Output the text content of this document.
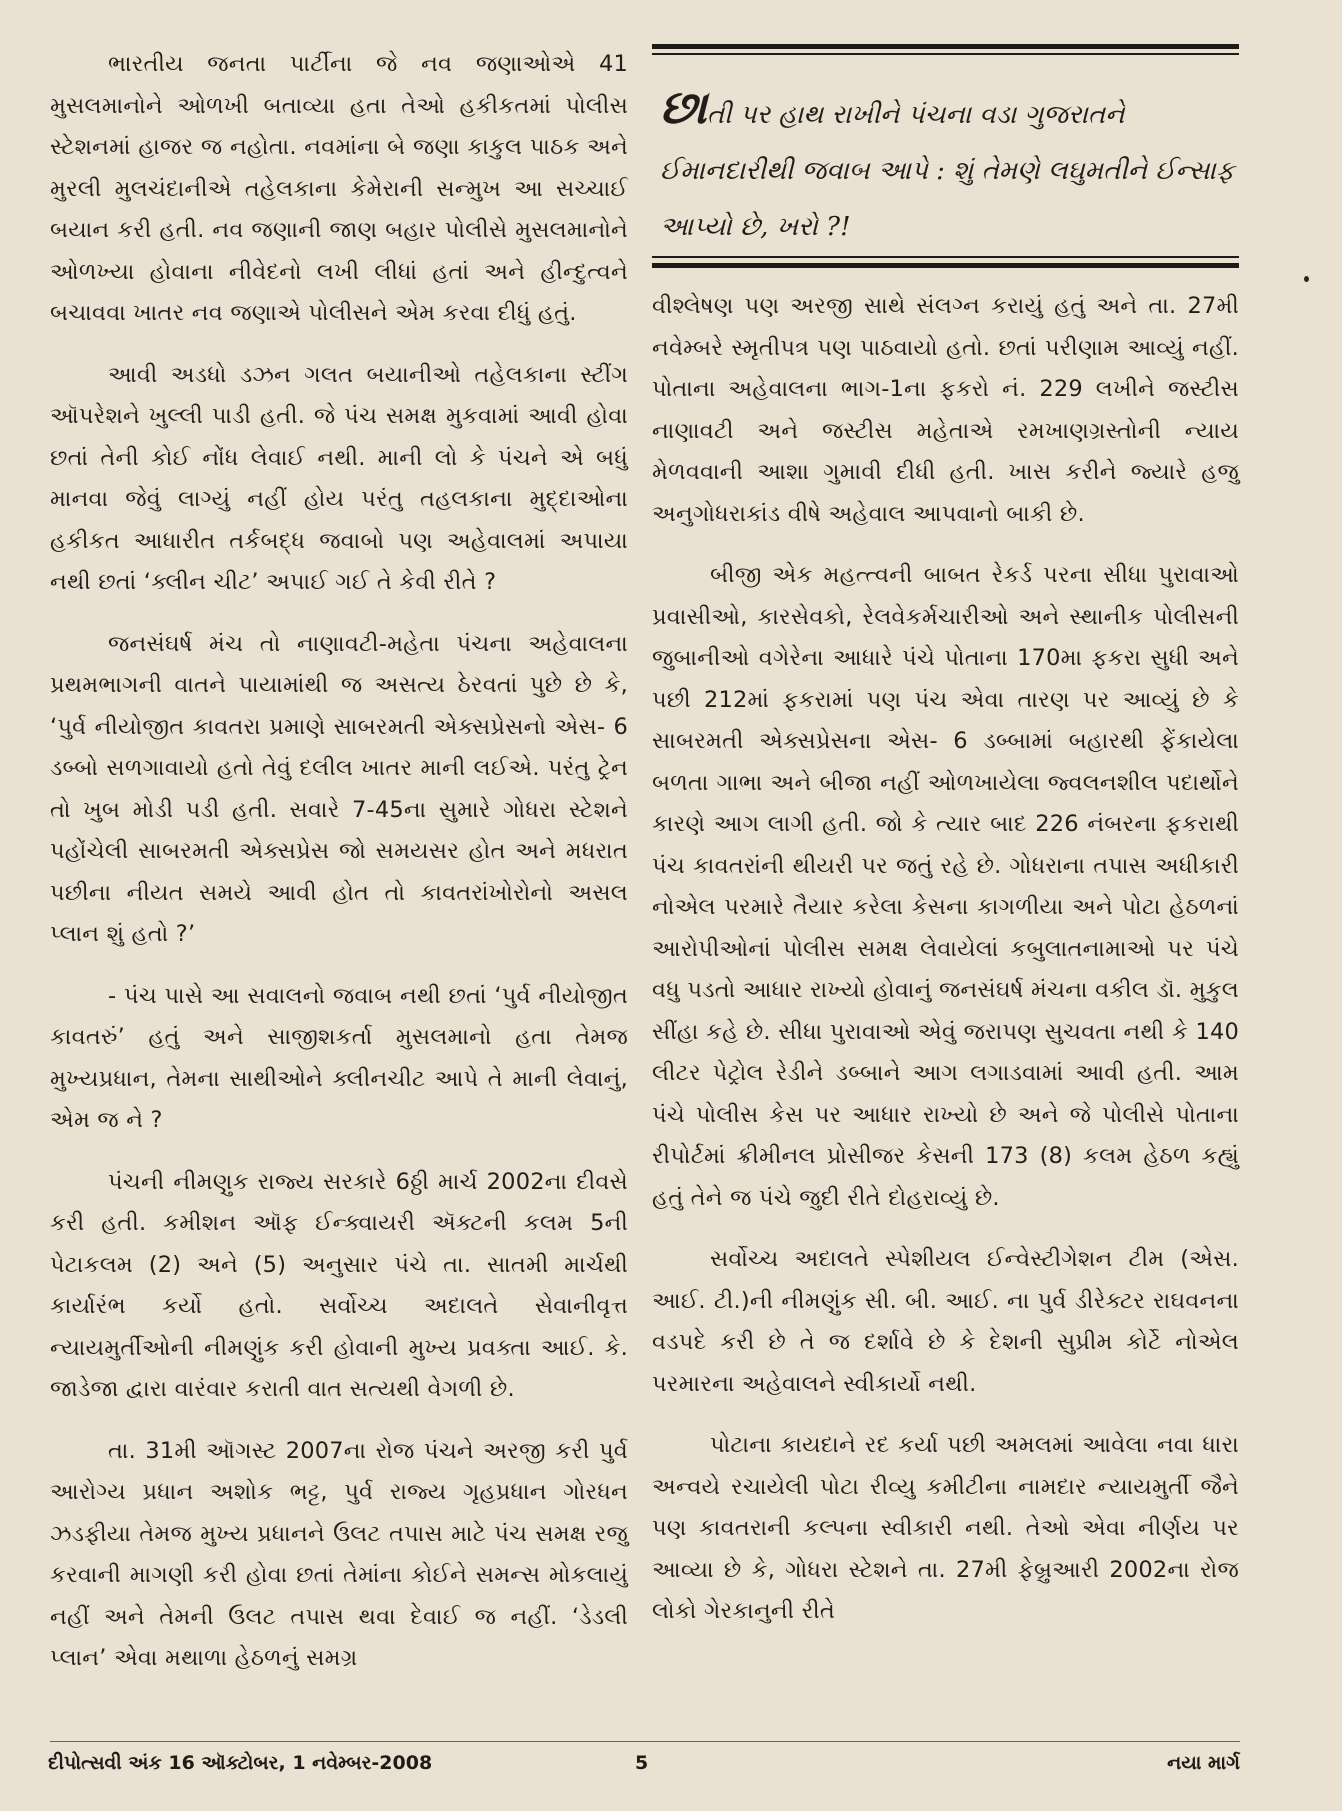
ભારતીય જનતા પાર્ટીના જે નવ જણાઓએ 41 મુસલમાનોને ઓળખી બતાવ્યા હતા તેઓ હકીકતમાં પોલીસ સ્ટેશનમાં હાજર જ નહોતા. નવમાંના બે જણા કાકુલ પાઠક અને મુરલી મુલચંદાનીએ તહેલકાના કેમેરાની સન્મુખ આ સચ્ચાઈ બયાન કરી હતી. નવ જણાની જાણ બહાર પોલીસે મુસલમાનોને ઓળખ્યા હોવાના નીવેદનો લખી લીધાં હતાં અને હીન્દુત્વને બચાવવા ખાતર નવ જણાએ પોલીસને એમ કરવા દીધું હતું.

આવી અડધો ડઝન ગલત બયાનીઓ તહેલકાના સ્ટીંગ ઑપરેશને ખુલ્લી પાડી હતી. જે પંચ સમક્ષ મુકવામાં આવી હોવા છતાં તેની કોઈ નોંધ લેવાઈ નથી. માની લો કે પંચને એ બધું માનવા જેવું લાગ્યું નહીં હોય પરંતુ તહલકાના મુદ્દાઓના હકીકત આધારીત તર્કબદ્ધ જવાબો પણ અહેવાલમાં અપાયા નથી છતાં ‘ક્લીન ચીટ’ અપાઈ ગઈ તે કેવી રીતે ?

જનસંઘર્ષ મંચ તો નાણાવટી-મહેતા પંચના અહેવાલના પ્રથમભાગની વાતને પાયામાંથી જ અસત્ય ઠેરવતાં પુછે છે કે, ‘પુર્વ નીયોજીત કાવતરા પ્રમાણે સાબરમતી એક્સપ્રેસનો એસ- 6 ડબ્બો સળગાવાયો હતો તેવું દલીલ ખાતર માની લઈએ. પરંતુ ટ્રેન તો ખુબ મોડી પડી હતી. સવારે 7-45ના સુમારે ગોધરા સ્ટેશને પહોંચેલી સાબરમતી એક્સપ્રેસ જો સમયસર હોત અને મધરાત પછીના નીયત સમયે આવી હોત તો કાવતરાંખોરોનો અસલ પ્લાન શું હતો ?’

- પંચ પાસે આ સવાલનો જવાબ નથી છતાં ‘પુર્વ નીયોજીત કાવતરું’ હતું અને સાજીશકર્તા મુસલમાનો હતા તેમજ મુખ્યપ્રધાન, તેમના સાથીઓને ક્લીનચીટ આપે તે માની લેવાનું, એમ જ ને ?

પંચની નીમણુક રાજ્ય સરકારે 6ઠ્ઠી માર્ચ 2002ના દીવસે કરી હતી. કમીશન ઑફ ઈન્ક્વાયરી ઍક્ટની કલમ 5ની પેટાકલમ (2) અને (5) અનુસાર પંચે તા. સાતમી માર્ચથી કાર્યારંભ કર્યો હતો. સર્વોચ્ચ અદાલતે સેવાનીવૃત્ત ન્યાયમુર્તીઓની નીમણુંક કરી હોવાની મુખ્ય પ્રવક્તા આઈ. કે. જાડેજા દ્વારા વારંવાર કરાતી વાત સત્યથી વેગળી છે.

તા. 31મી ઑગસ્ટ 2007ના રોજ પંચને અરજી કરી પુર્વ આરોગ્ય પ્રધાન અશોક ભટ્ટ, પુર્વ રાજ્ય ગૃહપ્રધાન ગોરધન ઝડફીયા તેમજ મુખ્ય પ્રધાનને ઉલટ તપાસ માટે પંચ સમક્ષ રજુ કરવાની માગણી કરી હોવા છતાં તેમાંના કોઈને સમન્સ મોકલાયું નહીં અને તેમની ઉલટ તપાસ થવા દેવાઈ જ નહીં. ‘ડેડલી પ્લાન’ એવા મથાળા હેઠળનું સમગ્ર

છાતી પર હાથ રાખીને પંચના વડા ગુજરાતને ઈમાનદારીથી જવાબ આપે : શું તેમણે લઘુમતીને ઈન્સાફ આપ્યો છે, ખરો ?!

વીશ્લેષણ પણ અરજી સાથે સંલગ્ન કરાયું હતું અને તા. 27મી નવેમ્બરે સ્મૃતીપત્ર પણ પાઠવાયો હતો. છતાં પરીણામ આવ્યું નહીં. પોતાના અહેવાલના ભાગ-1ના ફકરો નં. 229 લખીને જસ્ટીસ નાણાવટી અને જસ્ટીસ મહેતાએ રમખાણગ્રસ્તોની ન્યાય મેળવવાની આશા ગુમાવી દીધી હતી. ખાસ કરીને જ્યારે હજુ અનુગોધરાકાંડ વીષે અહેવાલ આપવાનો બાકી છે.

બીજી એક મહત્ત્વની બાબત રેકર્ડ પરના સીધા પુરાવાઓ પ્રવાસીઓ, કારસેવકો, રેલવેકર્મચારીઓ અને સ્થાનીક પોલીસની જુબાનીઓ વગેરેના આધારે પંચે પોતાના 170મા ફકરા સુધી અને પછી 212માં ફકરામાં પણ પંચ એવા તારણ પર આવ્યું છે કે સાબરમતી એક્સપ્રેસના એસ- 6 ડબ્બામાં બહારથી ફેંકાયેલા બળતા ગાભા અને બીજા નહીં ઓળખાયેલા જ્વલનશીલ પદાર્થોને કારણે આગ લાગી હતી. જો કે ત્યાર બાદ 226 નંબરના ફકરાથી પંચ કાવતરાંની થીયરી પર જતું રહે છે. ગોધરાના તપાસ અધીકારી નોએલ પરમારે તૈયાર કરેલા કેસના કાગળીયા અને પોટા હેઠળનાં આરોપીઓનાં પોલીસ સમક્ષ લેવાયેલાં કબુલાતનામાઓ પર પંચે વધુ પડતો આધાર રાખ્યો હોવાનું જનસંઘર્ષ મંચના વકીલ ડૉ. મુકુલ સીંહા કહે છે. સીધા પુરાવાઓ એવું જરાપણ સુચવતા નથી કે 140 લીટર પેટ્રોલ રેડીને ડબ્બાને આગ લગાડવામાં આવી હતી. આમ પંચે પોલીસ કેસ પર આધાર રાખ્યો છે અને જે પોલીસે પોતાના રીપોર્ટમાં ક્રીમીનલ પ્રોસીજર કેસની 173 (8) કલમ હેઠળ કહ્યું હતું તેને જ પંચે જુદી રીતે દોહરાવ્યું છે.

સર્વોચ્ચ અદાલતે સ્પેશીયલ ઈન્વેસ્ટીગેશન ટીમ (એસ. આઈ. ટી.)ની નીમણુંક સી. બી. આઈ. ના પુર્વ ડીરેક્ટર રાઘવનના વડપદે કરી છે તે જ દર્શાવે છે કે દેશની સુપ્રીમ કોર્ટે નોએલ પરમારના અહેવાલને સ્વીકાર્યો નથી.

પોટાના કાયદાને રદ કર્યા પછી અમલમાં આવેલા નવા ધારા અન્વયે રચાયેલી પોટા રીવ્યુ કમીટીના નામદાર ન્યાયમુર્તી જૈને પણ કાવતરાની કલ્પના સ્વીકારી નથી. તેઓ એવા નીર્ણય પર આવ્યા છે કે, ગોધરા સ્ટેશને તા. 27મી ફેબ્રુઆરી 2002ના રોજ લોકો ગેરકાનુની રીતે

દીપોત્સવી અંક 16 ઑક્ટોબર, 1 નવેમ્બર-2008	5	નયા માર્ગ
